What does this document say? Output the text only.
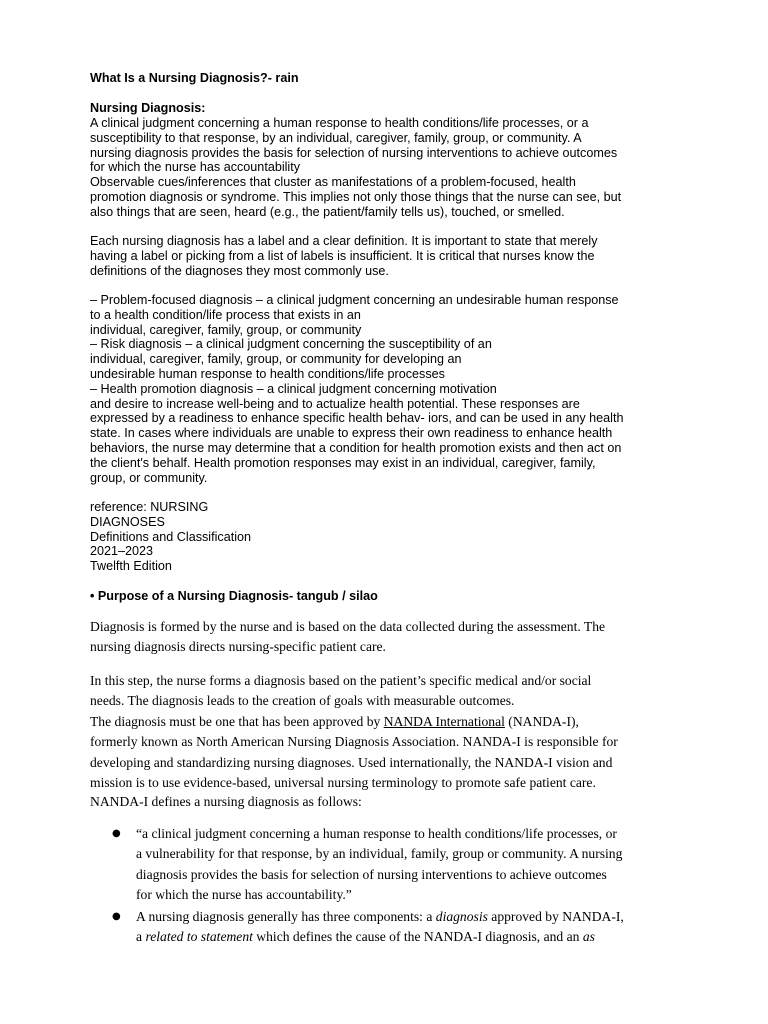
What Is a Nursing Diagnosis?- rain
Nursing Diagnosis:
A clinical judgment concerning a human response to health conditions/life processes, or a
susceptibility to that response, by an individual, caregiver, family, group, or community. A
nursing diagnosis provides the basis for selection of nursing interventions to achieve outcomes
for which the nurse has accountability
Observable cues/inferences that cluster as manifestations of a problem-focused, health
promotion diagnosis or syndrome. This implies not only those things that the nurse can see, but
also things that are seen, heard (e.g., the patient/family tells us), touched, or smelled.
Each nursing diagnosis has a label and a clear definition. It is important to state that merely
having a label or picking from a list of labels is insufficient. It is critical that nurses know the
definitions of the diagnoses they most commonly use.
– Problem-focused diagnosis – a clinical judgment concerning an undesirable human response
to a health condition/life process that exists in an
individual, caregiver, family, group, or community
– Risk diagnosis – a clinical judgment concerning the susceptibility of an
individual, caregiver, family, group, or community for developing an
undesirable human response to health conditions/life processes
– Health promotion diagnosis – a clinical judgment concerning motivation
and desire to increase well-being and to actualize health potential. These responses are
expressed by a readiness to enhance specific health behav- iors, and can be used in any health
state. In cases where individuals are unable to express their own readiness to enhance health
behaviors, the nurse may determine that a condition for health promotion exists and then act on
the client's behalf. Health promotion responses may exist in an individual, caregiver, family,
group, or community.
reference: NURSING
DIAGNOSES
Definitions and Classification
2021–2023
Twelfth Edition
• Purpose of a Nursing Diagnosis- tangub / silao
Diagnosis is formed by the nurse and is based on the data collected during the assessment. The
nursing diagnosis directs nursing-specific patient care.
In this step, the nurse forms a diagnosis based on the patient’s specific medical and/or social
needs. The diagnosis leads to the creation of goals with measurable outcomes.
The diagnosis must be one that has been approved by NANDA International (NANDA-I),
formerly known as North American Nursing Diagnosis Association. NANDA-I is responsible for
developing and standardizing nursing diagnoses. Used internationally, the NANDA-I vision and
mission is to use evidence-based, universal nursing terminology to promote safe patient care.
NANDA-I defines a nursing diagnosis as follows:
● “a clinical judgment concerning a human response to health conditions/life processes, or
a vulnerability for that response, by an individual, family, group or community. A nursing
diagnosis provides the basis for selection of nursing interventions to achieve outcomes
for which the nurse has accountability.”
● A nursing diagnosis generally has three components: a diagnosis approved by NANDA-I,
a related to statement which defines the cause of the NANDA-I diagnosis, and an as
